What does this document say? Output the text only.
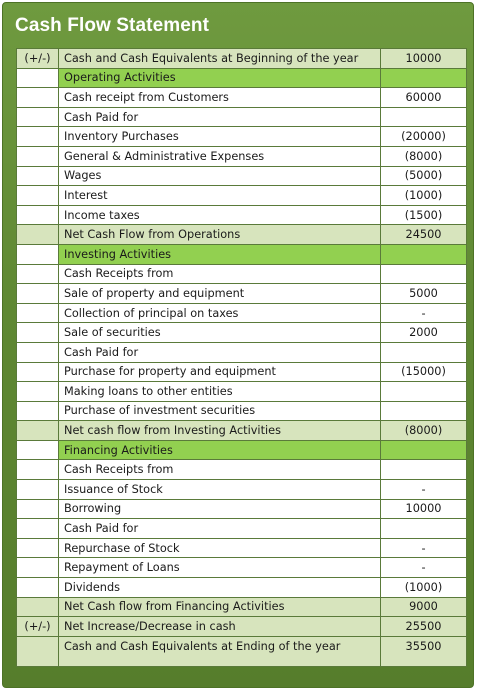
Cash Flow Statement
(+/-)	Cash and Cash Equivalents at Beginning of the year	10000
	Operating Activities	
	Cash receipt from Customers	60000
	Cash Paid for	
	Inventory Purchases	(20000)
	General & Administrative Expenses	(8000)
	Wages	(5000)
	Interest	(1000)
	Income taxes	(1500)
	Net Cash Flow from Operations	24500
	Investing Activities	
	Cash Receipts from	
	Sale of property and equipment	5000
	Collection of principal on taxes	-
	Sale of securities	2000
	Cash Paid for	
	Purchase for property and equipment	(15000)
	Making loans to other entities	
	Purchase of investment securities	
	Net cash flow from Investing Activities	(8000)
	Financing Activities	
	Cash Receipts from	
	Issuance of Stock	-
	Borrowing	10000
	Cash Paid for	
	Repurchase of Stock	-
	Repayment of Loans	-
	Dividends	(1000)
	Net Cash flow from Financing Activities	9000
(+/-)	Net Increase/Decrease in cash	25500
	Cash and Cash Equivalents at Ending of the year	35500
